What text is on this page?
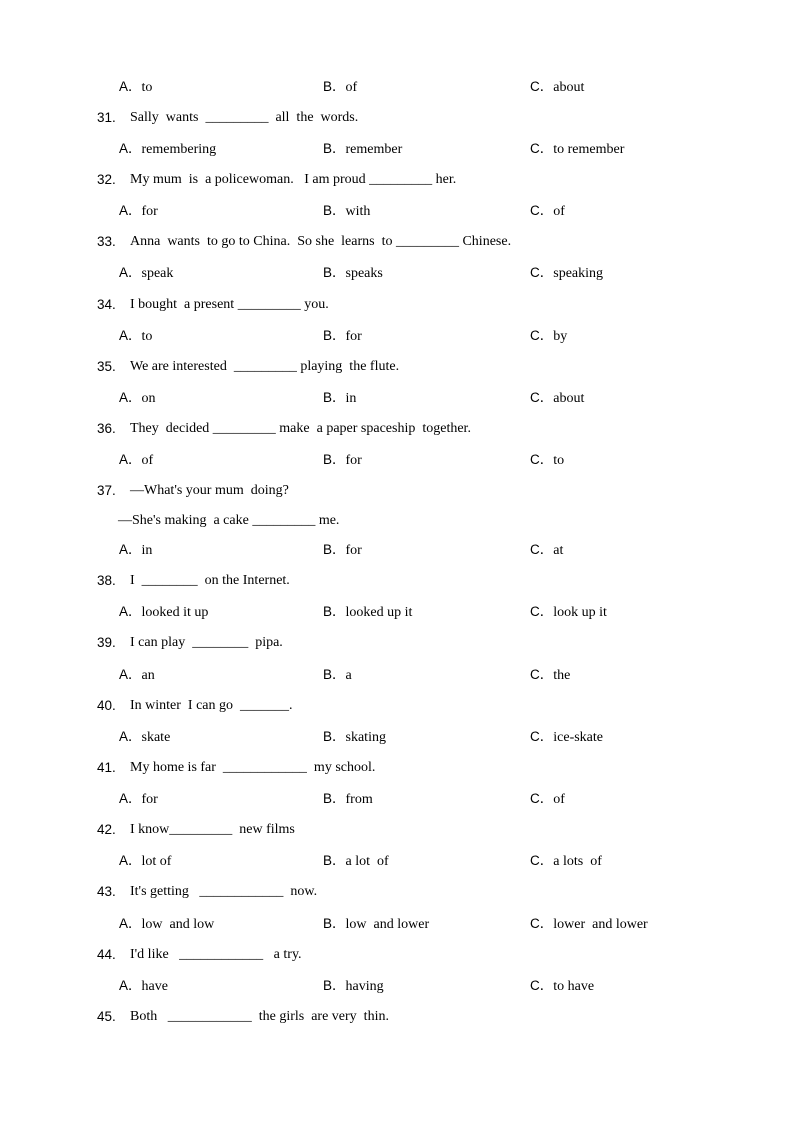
A．to	B．of	C．about
31. Sally  wants  _________  all  the  words.
A．remembering	B．remember	C．to remember
32. My mum  is  a policewoman.   I am proud _________ her.
A．for	B．with	C．of
33. Anna  wants  to go to China.  So she  learns  to _________ Chinese.
A．speak	B．speaks	C．speaking
34. I bought  a present _________ you.
A．to	B．for	C．by
35. We are interested  _________ playing  the flute.
A．on	B．in	C．about
36. They  decided _________ make  a paper spaceship  together.
A．of	B．for	C．to
37. —What's your mum  doing?
—She's making  a cake _________ me.
A．in	B．for	C．at
38. I  ________  on the Internet.
A．looked it up	B．looked up it	C．look up it
39. I can play  ________  pipa.
A．an	B．a	C．the
40. In winter  I can go  _______.
A．skate	B．skating	C．ice-skate
41. My home is far  ____________  my school.
A．for	B．from	C．of
42. I know_________  new films
A．lot of	B．a lot  of	C．a lots  of
43. It's getting   ____________  now.
A．low  and low	B．low  and lower	C．lower  and lower
44. I'd like   ____________   a try.
A．have	B．having	C．to have
45. Both   ____________  the girls  are very  thin.
